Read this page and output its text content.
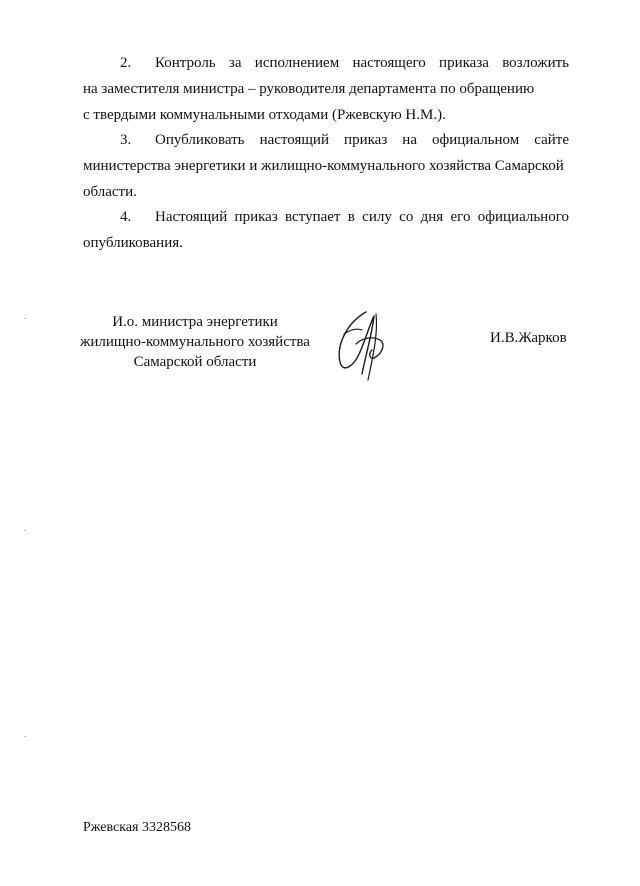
2.	Контроль за исполнением настоящего приказа возложить
на заместителя министра – руководителя департамента по обращению
с твердыми коммунальными отходами (Ржевскую Н.М.).
3.	Опубликовать настоящий приказ на официальном сайте
министерства энергетики и жилищно-коммунального хозяйства Самарской
области.
4.	Настоящий приказ вступает в силу со дня его официального
опубликования.
И.о. министра энергетики
жилищно-коммунального хозяйства
Самарской области
И.В.Жарков
Ржевская 3328568
